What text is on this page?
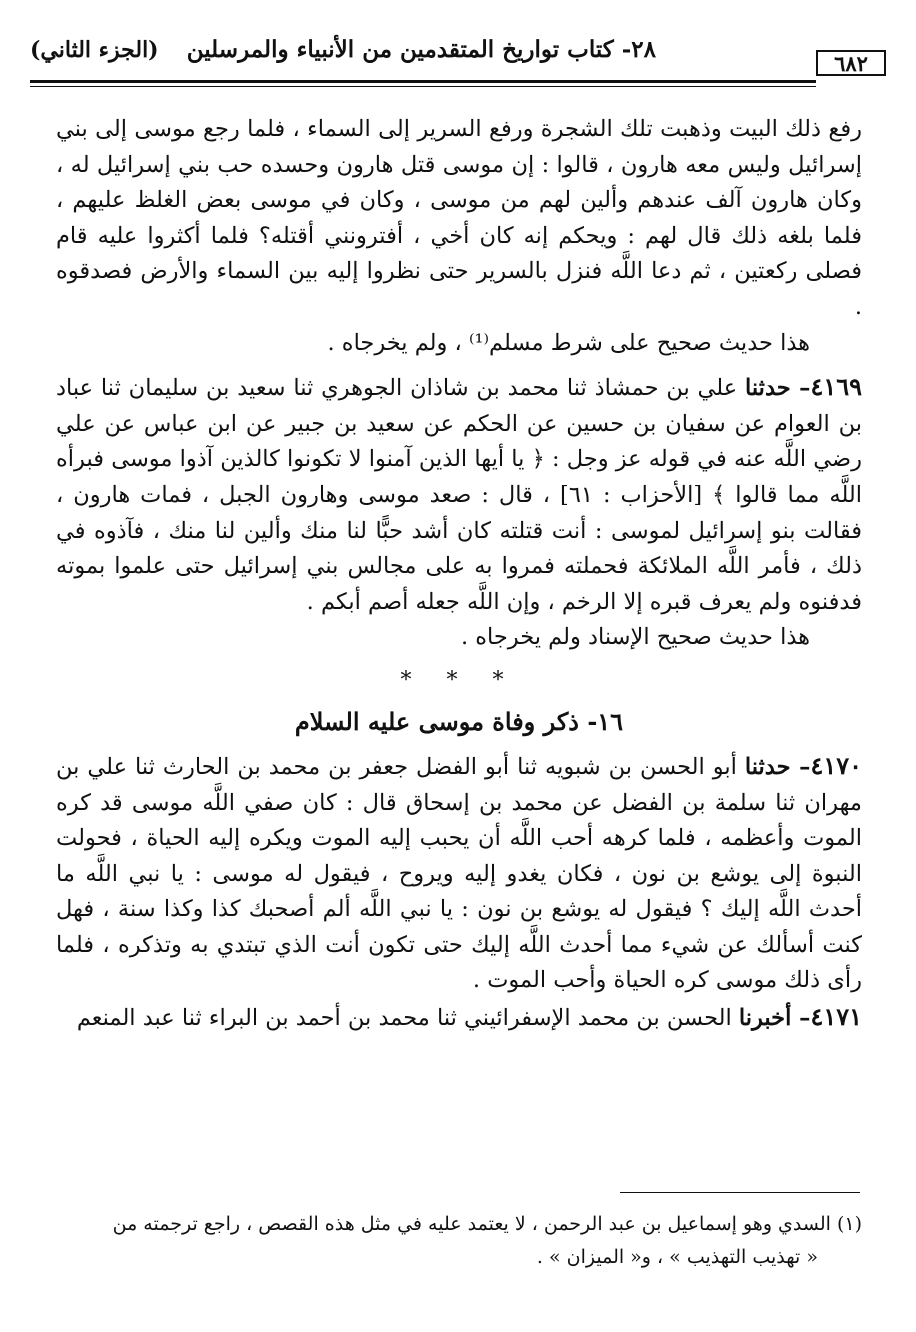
٦٨٢
٢٨- كتاب تواريخ المتقدمين من الأنبياء والمرسلين
(الجزء الثاني)

رفع ذلك البيت وذهبت تلك الشجرة ورفع السرير إلى السماء ، فلما رجع موسى إلى بني إسرائيل وليس معه هارون ، قالوا : إن موسى قتل هارون وحسده حب بني إسرائيل له ، وكان هارون آلف عندهم وألين لهم من موسى ، وكان في موسى بعض الغلظ عليهم ، فلما بلغه ذلك قال لهم : ويحكم إنه كان أخي ، أفترونني أقتله؟ فلما أكثروا عليه قام فصلى ركعتين ، ثم دعا اللَّه فنزل بالسرير حتى نظروا إليه بين السماء والأرض فصدقوه .

هذا حديث صحيح على شرط مسلم⁽¹⁾ ، ولم يخرجاه .

٤١٦٩– حدثنا علي بن حمشاذ ثنا محمد بن شاذان الجوهري ثنا سعيد بن سليمان ثنا عباد بن العوام عن سفيان بن حسين عن الحكم عن سعيد بن جبير عن ابن عباس عن علي رضي اللَّه عنه في قوله عز وجل : ﴿ يا أيها الذين آمنوا لا تكونوا كالذين آذوا موسى فبرأه اللَّه مما قالوا ﴾ [الأحزاب : ٦١] ، قال : صعد موسى وهارون الجبل ، فمات هارون ، فقالت بنو إسرائيل لموسى : أنت قتلته كان أشد حبًّا لنا منك وألين لنا منك ، فآذوه في ذلك ، فأمر اللَّه الملائكة فحملته فمروا به على مجالس بني إسرائيل حتى علموا بموته فدفنوه ولم يعرف قبره إلا الرخم ، وإن اللَّه جعله أصم أبكم .

هذا حديث صحيح الإسناد ولم يخرجاه .

* * *
١٦- ذكر وفاة موسى عليه السلام

٤١٧٠– حدثنا أبو الحسن بن شبويه ثنا أبو الفضل جعفر بن محمد بن الحارث ثنا علي بن مهران ثنا سلمة بن الفضل عن محمد بن إسحاق قال : كان صفي اللَّه موسى قد كره الموت وأعظمه ، فلما كرهه أحب اللَّه أن يحبب إليه الموت ويكره إليه الحياة ، فحولت النبوة إلى يوشع بن نون ، فكان يغدو إليه ويروح ، فيقول له موسى : يا نبي اللَّه ما أحدث اللَّه إليك ؟ فيقول له يوشع بن نون : يا نبي اللَّه ألم أصحبك كذا وكذا سنة ، فهل كنت أسألك عن شيء مما أحدث اللَّه إليك حتى تكون أنت الذي تبتدي به وتذكره ، فلما رأى ذلك موسى كره الحياة وأحب الموت .

٤١٧١– أخبرنا الحسن بن محمد الإسفرائيني ثنا محمد بن أحمد بن البراء ثنا عبد المنعم

(١) السدي وهو إسماعيل بن عبد الرحمن ، لا يعتمد عليه في مثل هذه القصص ، راجع ترجمته من

« تهذيب التهذيب » ، و« الميزان » .
